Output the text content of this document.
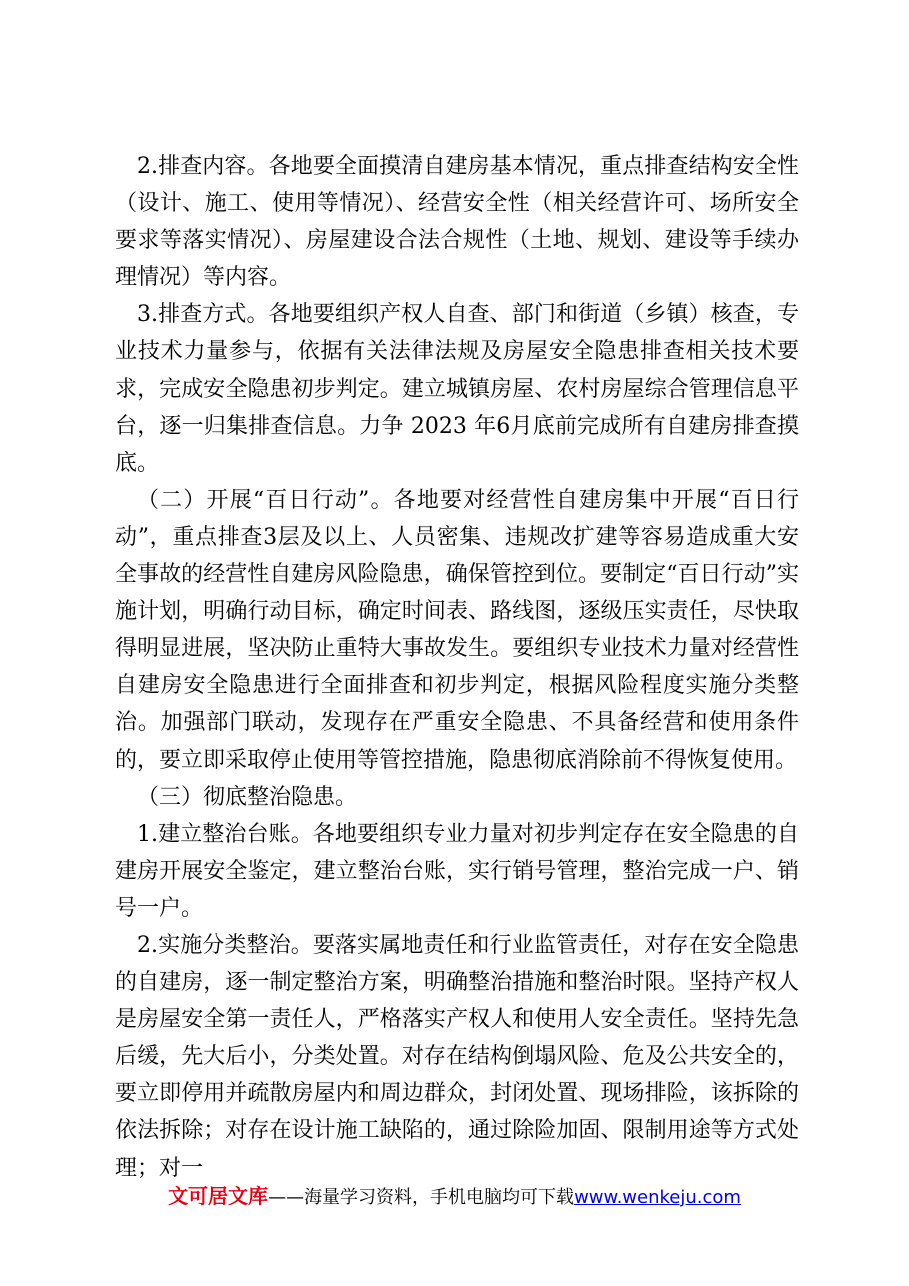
2.排查内容。各地要全面摸清自建房基本情况，重点排查结构安全性（设计、施工、使用等情况）、经营安全性（相关经营许可、场所安全要求等落实情况）、房屋建设合法合规性（土地、规划、建设等手续办理情况）等内容。

3.排查方式。各地要组织产权人自查、部门和街道（乡镇）核查，专业技术力量参与，依据有关法律法规及房屋安全隐患排查相关技术要求，完成安全隐患初步判定。建立城镇房屋、农村房屋综合管理信息平台，逐一归集排查信息。力争 2023 年6月底前完成所有自建房排查摸底。

（二）开展“百日行动”。各地要对经营性自建房集中开展“百日行动”，重点排查3层及以上、人员密集、违规改扩建等容易造成重大安全事故的经营性自建房风险隐患，确保管控到位。要制定“百日行动”实施计划，明确行动目标，确定时间表、路线图，逐级压实责任，尽快取得明显进展，坚决防止重特大事故发生。要组织专业技术力量对经营性自建房安全隐患进行全面排查和初步判定，根据风险程度实施分类整治。加强部门联动，发现存在严重安全隐患、不具备经营和使用条件的，要立即采取停止使用等管控措施，隐患彻底消除前不得恢复使用。

（三）彻底整治隐患。

1.建立整治台账。各地要组织专业力量对初步判定存在安全隐患的自建房开展安全鉴定，建立整治台账，实行销号管理，整治完成一户、销号一户。

2.实施分类整治。要落实属地责任和行业监管责任，对存在安全隐患的自建房，逐一制定整治方案，明确整治措施和整治时限。坚持产权人是房屋安全第一责任人，严格落实产权人和使用人安全责任。坚持先急后缓，先大后小，分类处置。对存在结构倒塌风险、危及公共安全的，要立即停用并疏散房屋内和周边群众，封闭处置、现场排险，该拆除的依法拆除；对存在设计施工缺陷的，通过除险加固、限制用途等方式处理；对一

文可居文库——海量学习资料，手机电脑均可下载www.wenkeju.com
